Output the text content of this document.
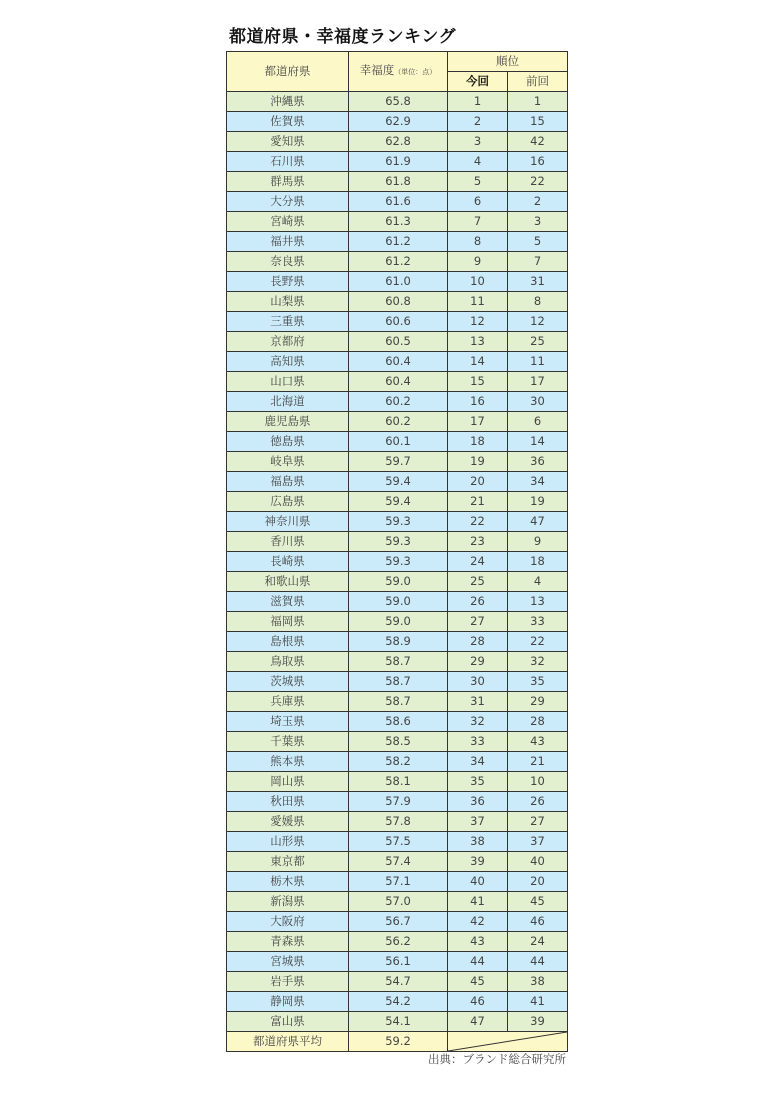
都道府県・幸福度ランキング
都道府県	幸福度（単位：点）	順位	
		今回	前回
沖縄県	65.8	1	1
佐賀県	62.9	2	15
愛知県	62.8	3	42
石川県	61.9	4	16
群馬県	61.8	5	22
大分県	61.6	6	2
宮崎県	61.3	7	3
福井県	61.2	8	5
奈良県	61.2	9	7
長野県	61.0	10	31
山梨県	60.8	11	8
三重県	60.6	12	12
京都府	60.5	13	25
高知県	60.4	14	11
山口県	60.4	15	17
北海道	60.2	16	30
鹿児島県	60.2	17	6
徳島県	60.1	18	14
岐阜県	59.7	19	36
福島県	59.4	20	34
広島県	59.4	21	19
神奈川県	59.3	22	47
香川県	59.3	23	9
長崎県	59.3	24	18
和歌山県	59.0	25	4
滋賀県	59.0	26	13
福岡県	59.0	27	33
島根県	58.9	28	22
鳥取県	58.7	29	32
茨城県	58.7	30	35
兵庫県	58.7	31	29
埼玉県	58.6	32	28
千葉県	58.5	33	43
熊本県	58.2	34	21
岡山県	58.1	35	10
秋田県	57.9	36	26
愛媛県	57.8	37	27
山形県	57.5	38	37
東京都	57.4	39	40
栃木県	57.1	40	20
新潟県	57.0	41	45
大阪府	56.7	42	46
青森県	56.2	43	24
宮城県	56.1	44	44
岩手県	54.7	45	38
静岡県	54.2	46	41
富山県	54.1	47	39
都道府県平均	59.2	
出典：ブランド総合研究所
